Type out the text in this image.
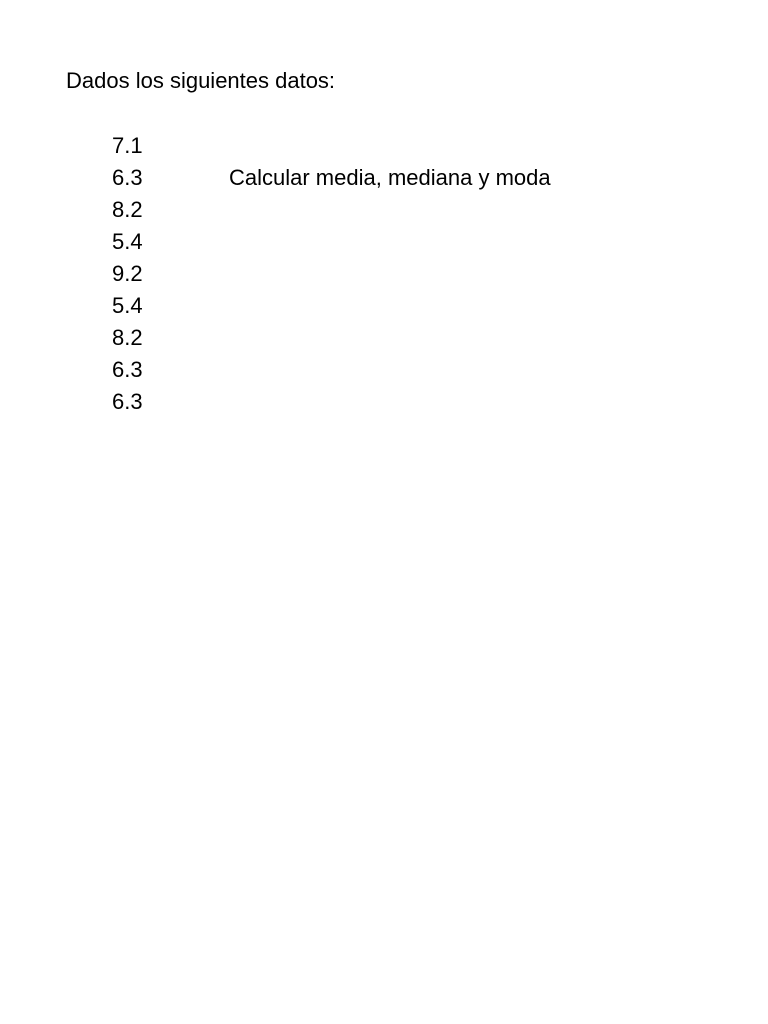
Dados los siguientes datos:
7.1
6.3
8.2
5.4
9.2
5.4
8.2
6.3
6.3
Calcular media, mediana y moda
